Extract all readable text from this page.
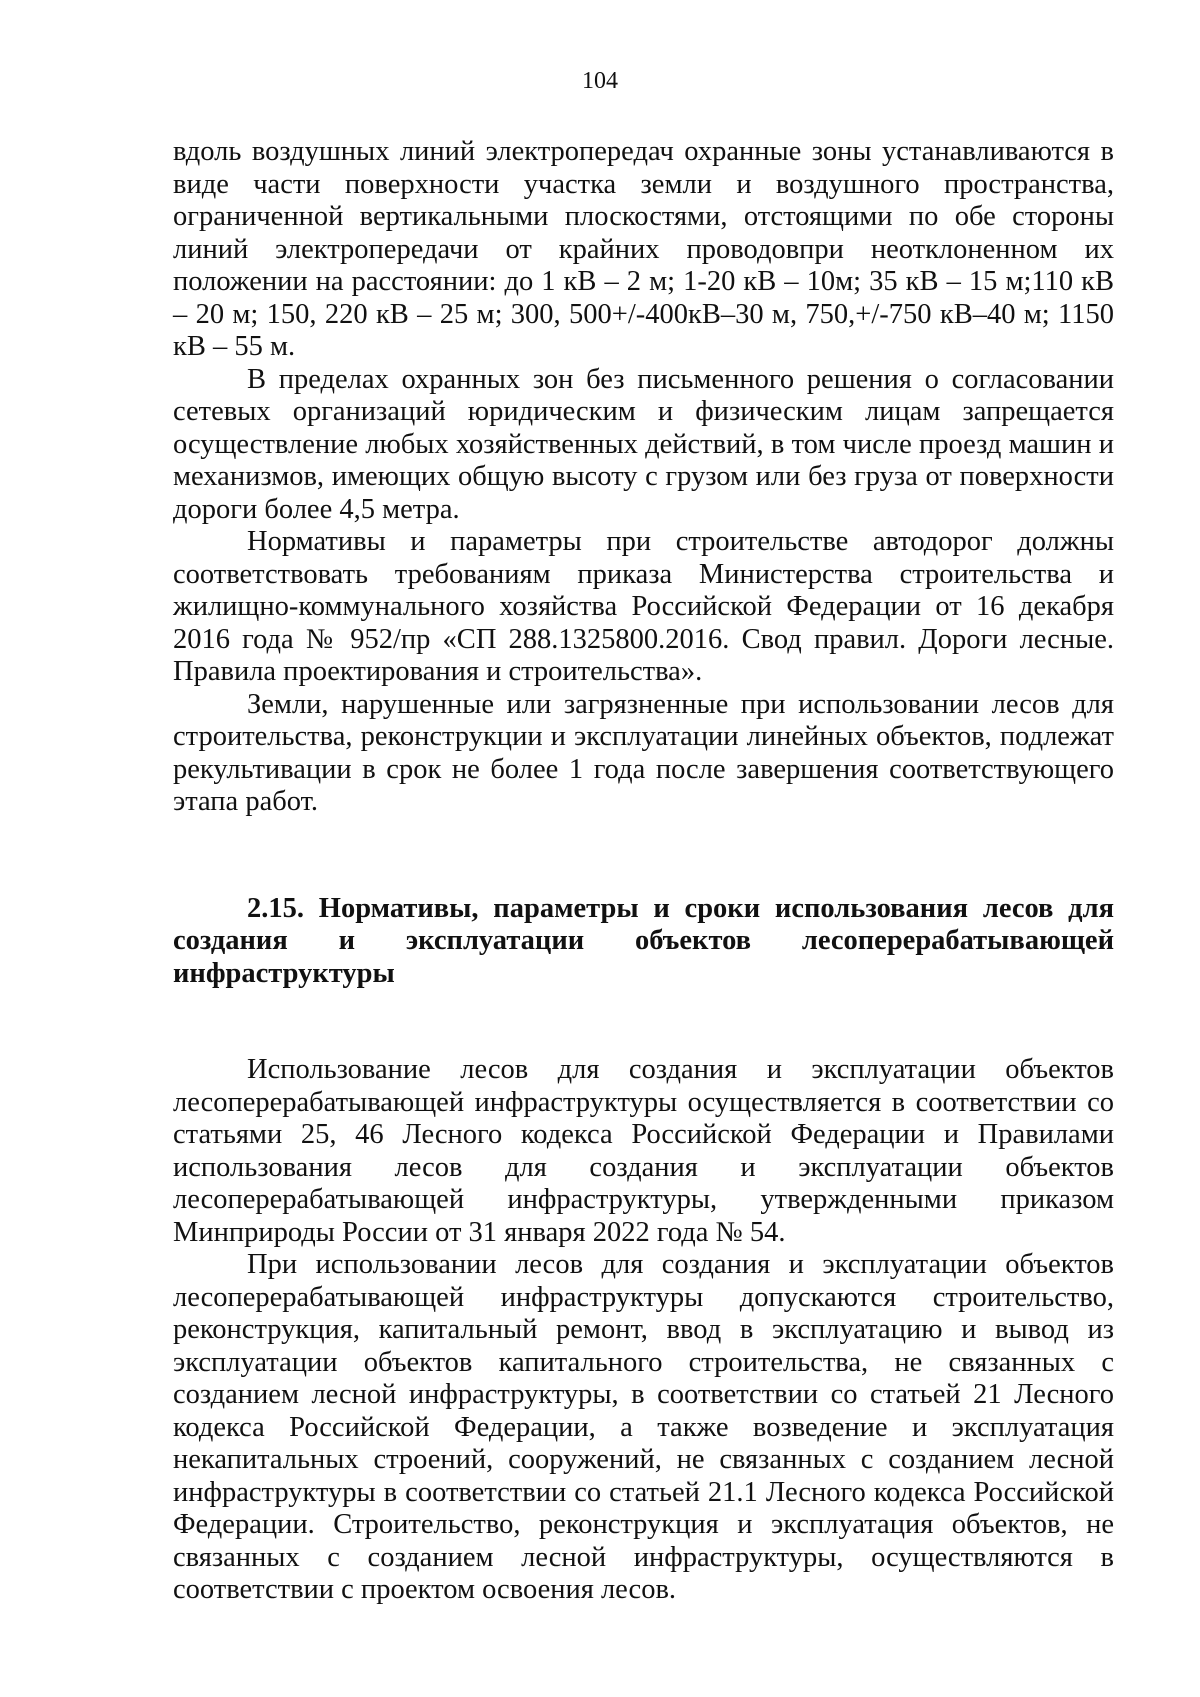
104

вдоль воздушных линий электропередач охранные зоны устанавливаются в виде части поверхности участка земли и воздушного пространства, ограниченной вертикальными плоскостями, отстоящими по обе стороны линий электропередачи от крайних проводовпри неотклоненном их положении на расстоянии: до 1 кВ – 2 м; 1-20 кВ – 10м; 35 кВ – 15 м;110 кВ – 20 м; 150, 220 кВ – 25 м; 300, 500+/-400кВ–30 м, 750,+/-750 кВ–40 м; 1150 кВ – 55 м.

В пределах охранных зон без письменного решения о согласовании сетевых организаций юридическим и физическим лицам запрещается осуществление любых хозяйственных действий, в том числе проезд машин и механизмов, имеющих общую высоту с грузом или без груза от поверхности дороги более 4,5 метра.

Нормативы и параметры при строительстве автодорог должны соответствовать требованиям приказа Министерства строительства и жилищно-коммунального хозяйства Российской Федерации от 16 декабря 2016 года № 952/пр «СП 288.1325800.2016. Свод правил. Дороги лесные. Правила проектирования и строительства».

Земли, нарушенные или загрязненные при использовании лесов для строительства, реконструкции и эксплуатации линейных объектов, подлежат рекультивации в срок не более 1 года после завершения соответствующего этапа работ.

2.15. Нормативы, параметры и сроки использования лесов для создания и эксплуатации объектов лесоперерабатывающей инфраструктуры

Использование лесов для создания и эксплуатации объектов лесоперерабатывающей инфраструктуры осуществляется в соответствии со статьями 25, 46 Лесного кодекса Российской Федерации и Правилами использования лесов для создания и эксплуатации объектов лесоперерабатывающей инфраструктуры, утвержденными приказом Минприроды России от 31 января 2022 года № 54.

При использовании лесов для создания и эксплуатации объектов лесоперерабатывающей инфраструктуры допускаются строительство, реконструкция, капитальный ремонт, ввод в эксплуатацию и вывод из эксплуатации объектов капитального строительства, не связанных с созданием лесной инфраструктуры, в соответствии со статьей 21 Лесного кодекса Российской Федерации, а также возведение и эксплуатация некапитальных строений, сооружений, не связанных с созданием лесной инфраструктуры в соответствии со статьей 21.1 Лесного кодекса Российской Федерации. Строительство, реконструкция и эксплуатация объектов, не связанных с созданием лесной инфраструктуры, осуществляются в соответствии с проектом освоения лесов.
